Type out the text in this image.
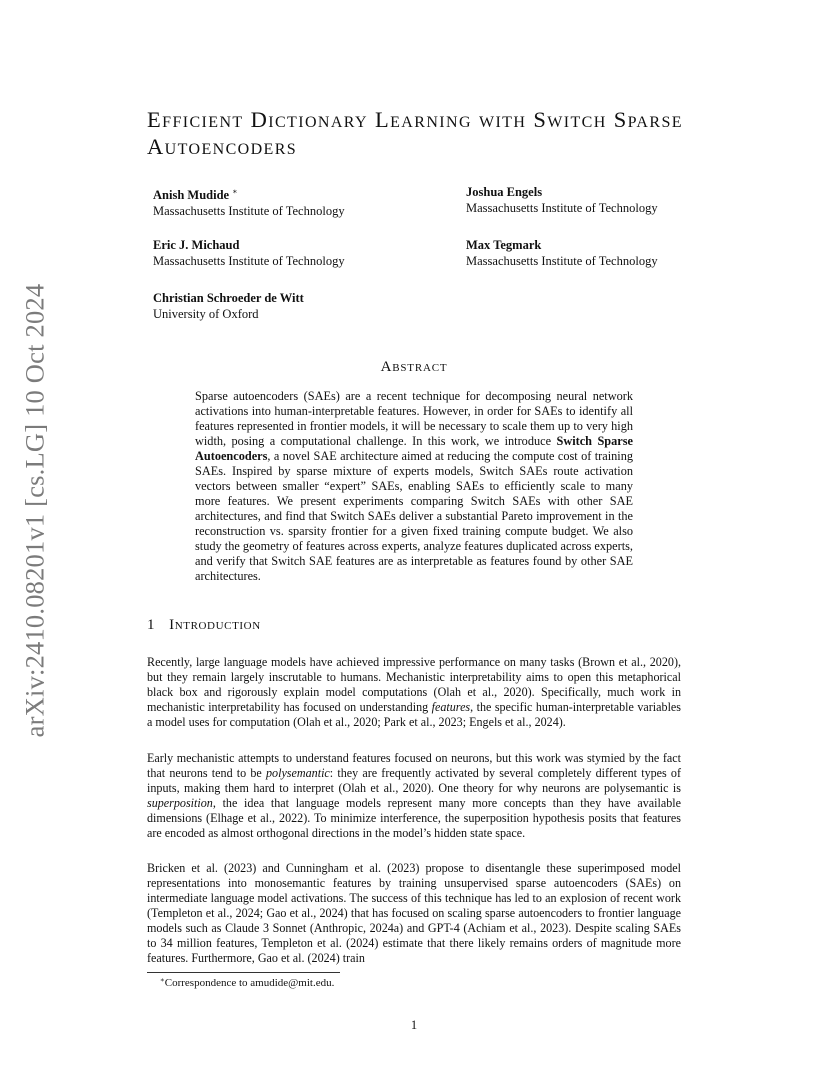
arXiv:2410.08201v1 [cs.LG] 10 Oct 2024
Efficient Dictionary Learning with Switch Sparse Autoencoders
Anish Mudide ∗
Massachusetts Institute of Technology
Joshua Engels
Massachusetts Institute of Technology
Eric J. Michaud
Massachusetts Institute of Technology
Max Tegmark
Massachusetts Institute of Technology
Christian Schroeder de Witt
University of Oxford
Abstract

Sparse autoencoders (SAEs) are a recent technique for decomposing neural network activations into human-interpretable features. However, in order for SAEs to identify all features represented in frontier models, it will be necessary to scale them up to very high width, posing a computational challenge. In this work, we introduce Switch Sparse Autoencoders, a novel SAE architecture aimed at reducing the compute cost of training SAEs. Inspired by sparse mixture of experts models, Switch SAEs route activation vectors between smaller “expert” SAEs, enabling SAEs to efficiently scale to many more features. We present experiments comparing Switch SAEs with other SAE architectures, and find that Switch SAEs deliver a substantial Pareto improvement in the reconstruction vs. sparsity frontier for a given fixed training compute budget. We also study the geometry of features across experts, analyze features duplicated across experts, and verify that Switch SAE features are as interpretable as features found by other SAE architectures.

1 Introduction

Recently, large language models have achieved impressive performance on many tasks (Brown et al., 2020), but they remain largely inscrutable to humans. Mechanistic interpretability aims to open this metaphorical black box and rigorously explain model computations (Olah et al., 2020). Specifically, much work in mechanistic interpretability has focused on understanding features, the specific human-interpretable variables a model uses for computation (Olah et al., 2020; Park et al., 2023; Engels et al., 2024).

Early mechanistic attempts to understand features focused on neurons, but this work was stymied by the fact that neurons tend to be polysemantic: they are frequently activated by several completely different types of inputs, making them hard to interpret (Olah et al., 2020). One theory for why neurons are polysemantic is superposition, the idea that language models represent many more concepts than they have available dimensions (Elhage et al., 2022). To minimize interference, the superposition hypothesis posits that features are encoded as almost orthogonal directions in the model’s hidden state space.

Bricken et al. (2023) and Cunningham et al. (2023) propose to disentangle these superimposed model representations into monosemantic features by training unsupervised sparse autoencoders (SAEs) on intermediate language model activations. The success of this technique has led to an explosion of recent work (Templeton et al., 2024; Gao et al., 2024) that has focused on scaling sparse autoencoders to frontier language models such as Claude 3 Sonnet (Anthropic, 2024a) and GPT-4 (Achiam et al., 2023). Despite scaling SAEs to 34 million features, Templeton et al. (2024) estimate that there likely remains orders of magnitude more features. Furthermore, Gao et al. (2024) train

∗Correspondence to amudide@mit.edu.

1
